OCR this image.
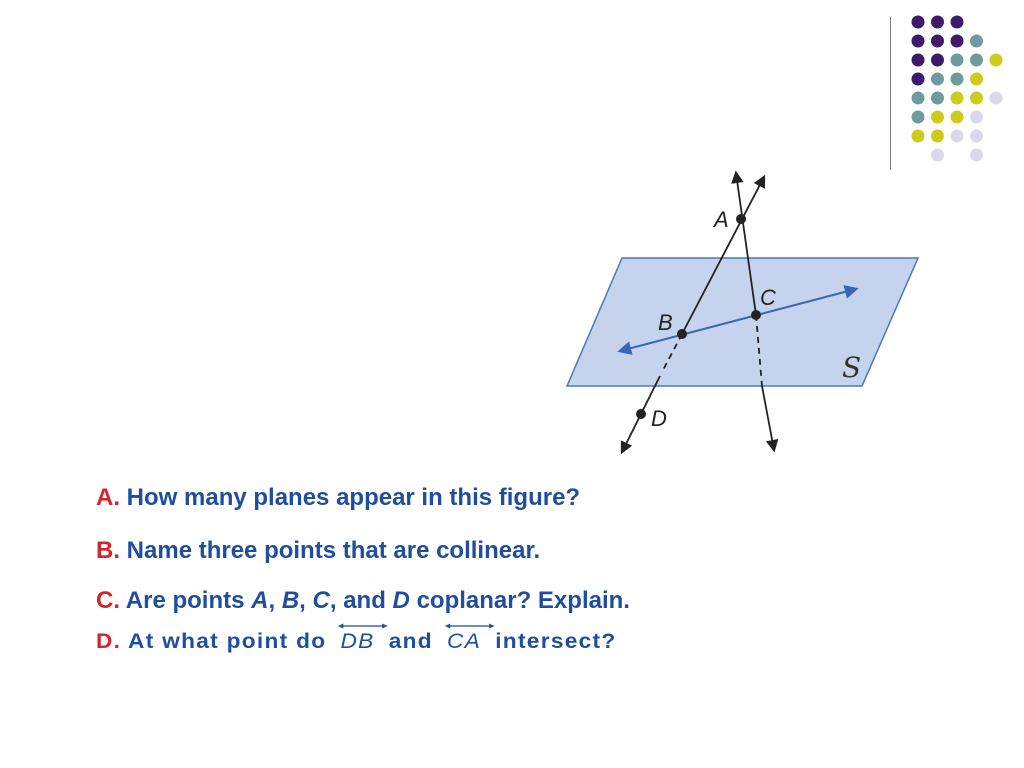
A
B
C
D
S
A. How many planes appear in this figure?
B. Name three points that are collinear.
C. Are points A, B, C, and D coplanar? Explain.
D. At what point do DB and CA intersect?
